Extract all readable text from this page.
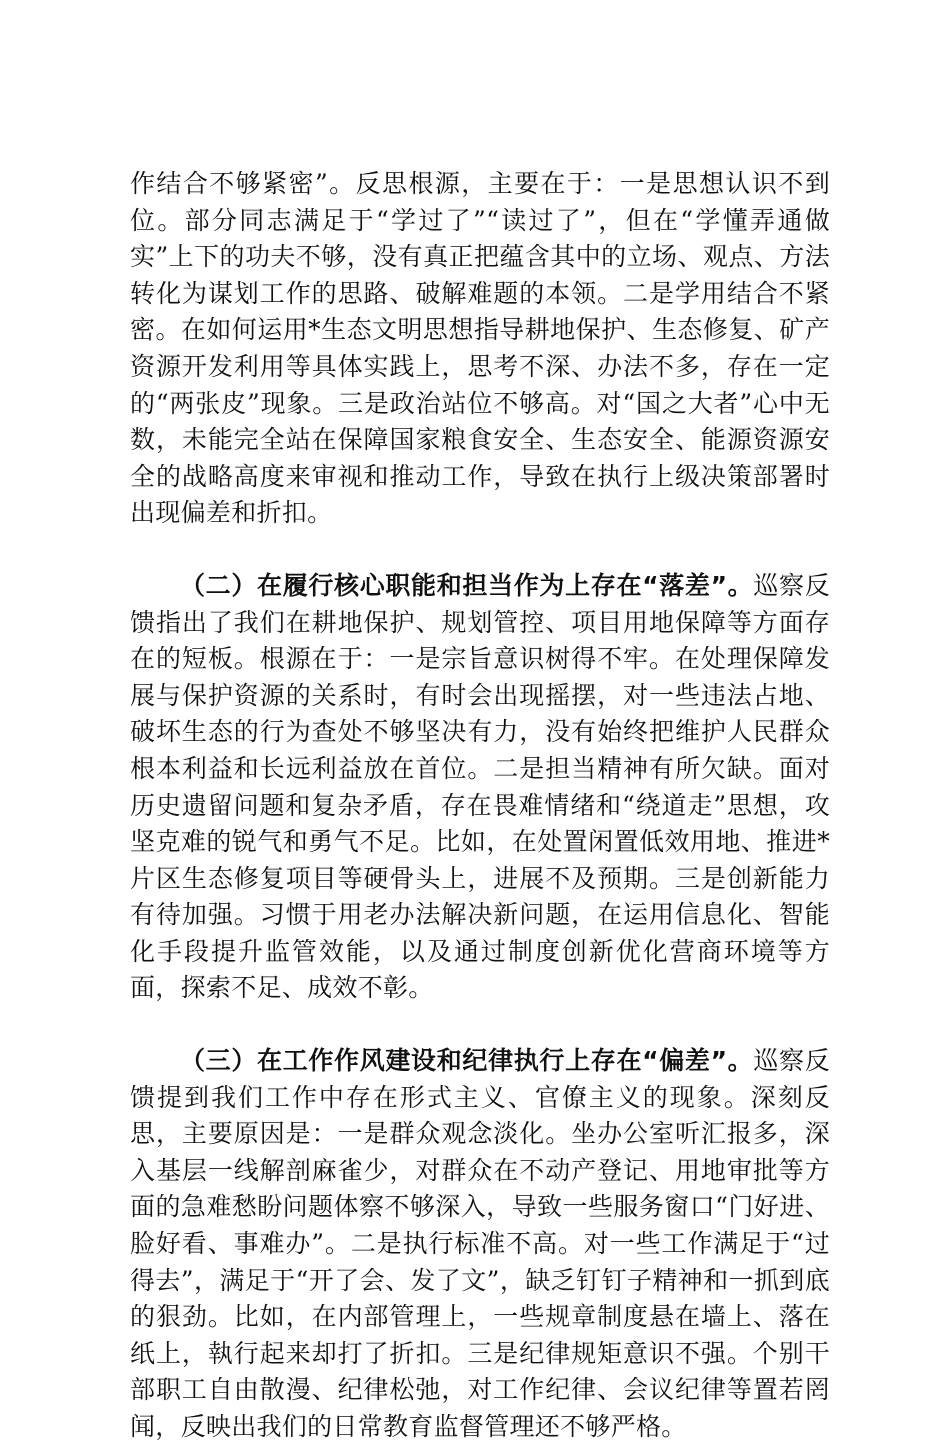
作结合不够紧密”。反思根源，主要在于：一是思想认识不到位。部分同志满足于“学过了”“读过了”，但在“学懂弄通做实”上下的功夫不够，没有真正把蕴含其中的立场、观点、方法转化为谋划工作的思路、破解难题的本领。二是学用结合不紧密。在如何运用*生态文明思想指导耕地保护、生态修复、矿产资源开发利用等具体实践上，思考不深、办法不多，存在一定的“两张皮”现象。三是政治站位不够高。对“国之大者”心中无数，未能完全站在保障国家粮食安全、生态安全、能源资源安全的战略高度来审视和推动工作，导致在执行上级决策部署时出现偏差和折扣。

（二）在履行核心职能和担当作为上存在“落差”。巡察反馈指出了我们在耕地保护、规划管控、项目用地保障等方面存在的短板。根源在于：一是宗旨意识树得不牢。在处理保障发展与保护资源的关系时，有时会出现摇摆，对一些违法占地、破坏生态的行为查处不够坚决有力，没有始终把维护人民群众根本利益和长远利益放在首位。二是担当精神有所欠缺。面对历史遗留问题和复杂矛盾，存在畏难情绪和“绕道走”思想，攻坚克难的锐气和勇气不足。比如，在处置闲置低效用地、推进*片区生态修复项目等硬骨头上，进展不及预期。三是创新能力有待加强。习惯于用老办法解决新问题，在运用信息化、智能化手段提升监管效能，以及通过制度创新优化营商环境等方面，探索不足、成效不彰。

（三）在工作作风建设和纪律执行上存在“偏差”。巡察反馈提到我们工作中存在形式主义、官僚主义的现象。深刻反思，主要原因是：一是群众观念淡化。坐办公室听汇报多，深入基层一线解剖麻雀少，对群众在不动产登记、用地审批等方面的急难愁盼问题体察不够深入，导致一些服务窗口“门好进、脸好看、事难办”。二是执行标准不高。对一些工作满足于“过得去”，满足于“开了会、发了文”，缺乏钉钉子精神和一抓到底的狠劲。比如，在内部管理上，一些规章制度悬在墙上、落在纸上，執行起来却打了折扣。三是纪律规矩意识不强。个别干部职工自由散漫、纪律松弛，对工作纪律、会议纪律等置若罔闻，反映出我们的日常教育监督管理还不够严格。
